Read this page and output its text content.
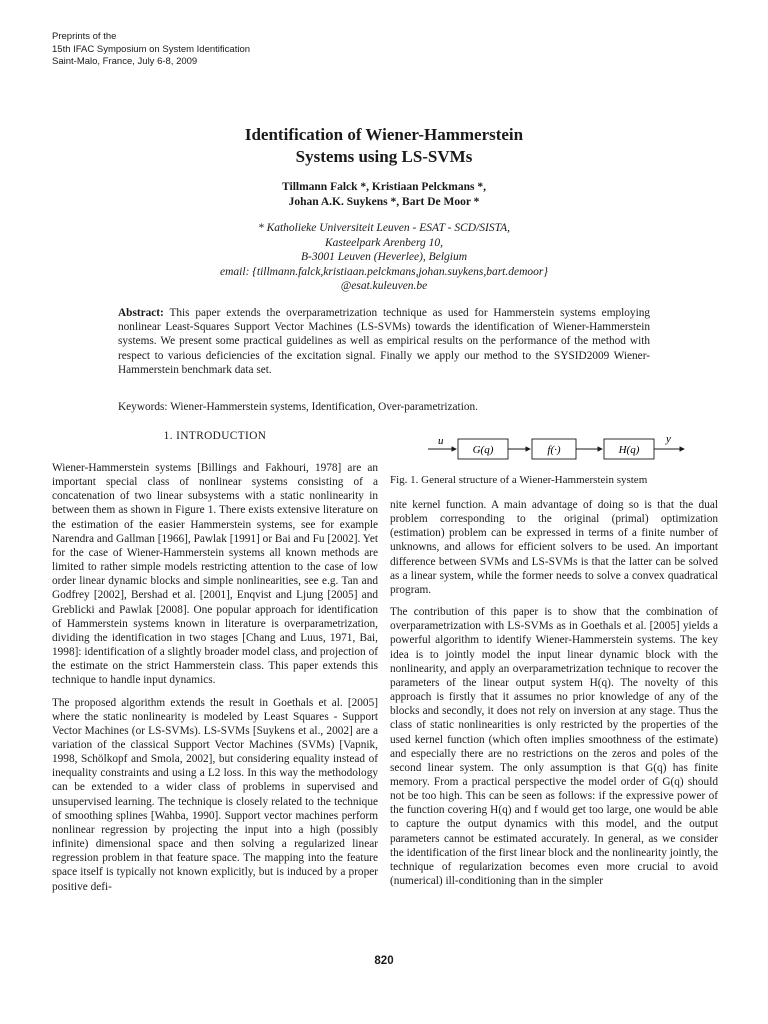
Preprints of the
15th IFAC Symposium on System Identification
Saint-Malo, France, July 6-8, 2009
Identification of Wiener-Hammerstein
Systems using LS-SVMs
Tillmann Falck *, Kristiaan Pelckmans *,
Johan A.K. Suykens *, Bart De Moor *
* Katholieke Universiteit Leuven - ESAT - SCD/SISTA,
Kasteelpark Arenberg 10,
B-3001 Leuven (Heverlee), Belgium
email: {tillmann.falck,kristiaan.pelckmans,johan.suykens,bart.demoor}
@esat.kuleuven.be
Abstract: This paper extends the overparametrization technique as used for Hammerstein systems employing nonlinear Least-Squares Support Vector Machines (LS-SVMs) towards the identification of Wiener-Hammerstein systems. We present some practical guidelines as well as empirical results on the performance of the method with respect to various deficiencies of the excitation signal. Finally we apply our method to the SYSID2009 Wiener-Hammerstein benchmark data set.
Keywords: Wiener-Hammerstein systems, Identification, Over-parametrization.
1. INTRODUCTION

Wiener-Hammerstein systems [Billings and Fakhouri, 1978] are an important special class of nonlinear systems consisting of a concatenation of two linear subsystems with a static nonlinearity in between them as shown in Figure 1. There exists extensive literature on the estimation of the easier Hammerstein systems, see for example Narendra and Gallman [1966], Pawlak [1991] or Bai and Fu [2002]. Yet for the case of Wiener-Hammerstein systems all known methods are limited to rather simple models restricting attention to the case of low order linear dynamic blocks and simple nonlinearities, see e.g. Tan and Godfrey [2002], Bershad et al. [2001], Enqvist and Ljung [2005] and Greblicki and Pawlak [2008]. One popular approach for identification of Hammerstein systems known in literature is overparametrization, dividing the identification in two stages [Chang and Luus, 1971, Bai, 1998]: identification of a slightly broader model class, and projection of the estimate on the strict Hammerstein class. This paper extends this technique to handle input dynamics.

The proposed algorithm extends the result in Goethals et al. [2005] where the static nonlinearity is modeled by Least Squares - Support Vector Machines (or LS-SVMs). LS-SVMs [Suykens et al., 2002] are a variation of the classical Support Vector Machines (SVMs) [Vapnik, 1998, Schölkopf and Smola, 2002], but considering equality instead of inequality constraints and using a L2 loss. In this way the methodology can be extended to a wider class of problems in supervised and unsupervised learning. The technique is closely related to the technique of smoothing splines [Wahba, 1990]. Support vector machines perform nonlinear regression by projecting the input into a high (possibly infinite) dimensional space and then solving a regularized linear regression problem in that feature space. The mapping into the feature space itself is typically not known explicitly, but is induced by a proper positive defi-

u	y
G(q)	f(·)	H(q)
Fig. 1. General structure of a Wiener-Hammerstein system

nite kernel function. A main advantage of doing so is that the dual problem corresponding to the original (primal) optimization (estimation) problem can be expressed in terms of a finite number of unknowns, and allows for efficient solvers to be used. An important difference between SVMs and LS-SVMs is that the latter can be solved as a linear system, while the former needs to solve a convex quadratical program.

The contribution of this paper is to show that the combination of overparametrization with LS-SVMs as in Goethals et al. [2005] yields a powerful algorithm to identify Wiener-Hammerstein systems. The key idea is to jointly model the input linear dynamic block with the nonlinearity, and apply an overparametrization technique to recover the parameters of the linear output system H(q). The novelty of this approach is firstly that it assumes no prior knowledge of any of the blocks and secondly, it does not rely on inversion at any stage. Thus the class of static nonlinearities is only restricted by the properties of the used kernel function (which often implies smoothness of the estimate) and especially there are no restrictions on the zeros and poles of the second linear system. The only assumption is that G(q) has finite memory. From a practical perspective the model order of G(q) should not be too high. This can be seen as follows: if the expressive power of the function covering H(q) and f would get too large, one would be able to capture the output dynamics with this model, and the output parameters cannot be estimated accurately. In general, as we consider the identification of the first linear block and the nonlinearity jointly, the technique of regularization becomes even more crucial to avoid (numerical) ill-conditioning than in the simpler

820
